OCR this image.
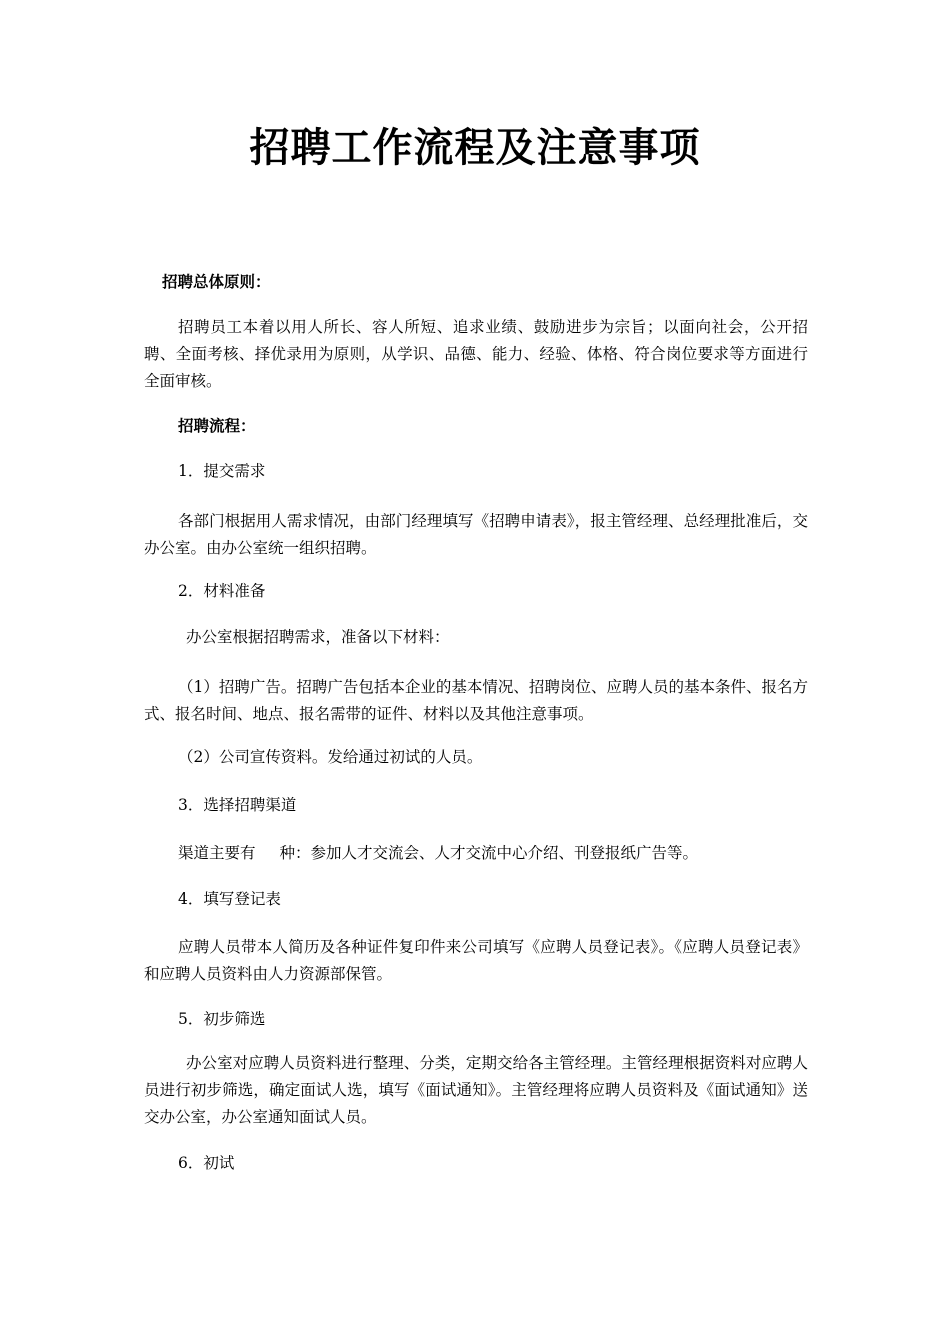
招聘工作流程及注意事项

招聘总体原则：

招聘员工本着以用人所长、容人所短、追求业绩、鼓励进步为宗旨；以面向社会，公开招聘、全面考核、择优录用为原则，从学识、品德、能力、经验、体格、符合岗位要求等方面进行全面审核。

招聘流程：

1．提交需求

各部门根据用人需求情况，由部门经理填写《招聘申请表》，报主管经理、总经理批准后，交办公室。由办公室统一组织招聘。

2．材料准备

办公室根据招聘需求，准备以下材料：

（1）招聘广告。招聘广告包括本企业的基本情况、招聘岗位、应聘人员的基本条件、报名方式、报名时间、地点、报名需带的证件、材料以及其他注意事项。

（2）公司宣传资料。发给通过初试的人员。

3．选择招聘渠道

渠道主要有 种：参加人才交流会、人才交流中心介绍、刊登报纸广告等。

4．填写登记表

应聘人员带本人简历及各种证件复印件来公司填写《应聘人员登记表》。《应聘人员登记表》和应聘人员资料由人力资源部保管。

5．初步筛选

办公室对应聘人员资料进行整理、分类，定期交给各主管经理。主管经理根据资料对应聘人员进行初步筛选，确定面试人选，填写《面试通知》。主管经理将应聘人员资料及《面试通知》送交办公室，办公室通知面试人员。

6．初试
